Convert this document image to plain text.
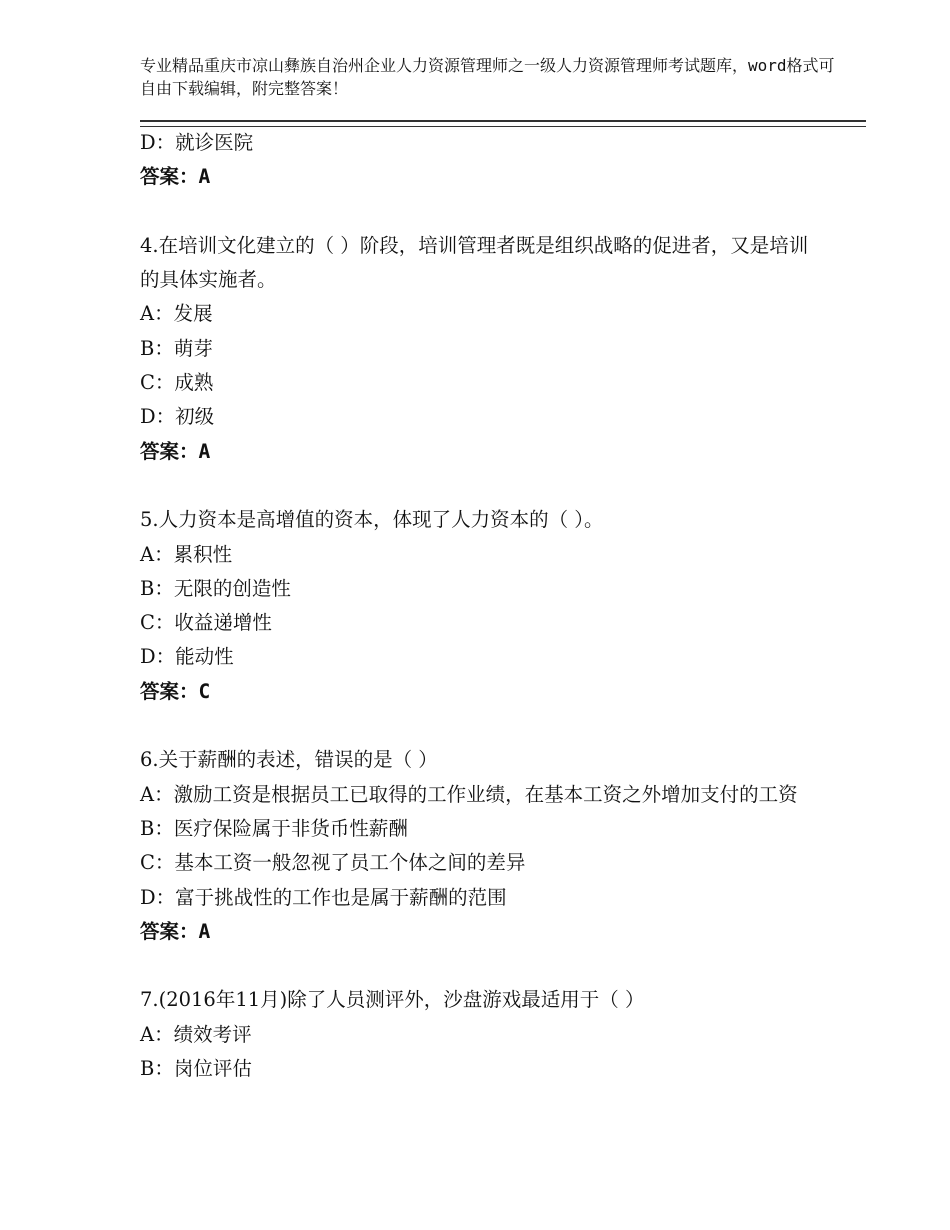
专业精品重庆市凉山彝族自治州企业人力资源管理师之一级人力资源管理师考试题库，word格式可自由下载编辑，附完整答案！
D：就诊医院
答案：A
4.在培训文化建立的（ ）阶段，培训管理者既是组织战略的促进者，又是培训的具体实施者。
A：发展
B：萌芽
C：成熟
D：初级
答案：A
5.人力资本是高增值的资本，体现了人力资本的（ ）。
A：累积性
B：无限的创造性
C：收益递增性
D：能动性
答案：C
6.关于薪酬的表述，错误的是（ ）
A：激励工资是根据员工已取得的工作业绩，在基本工资之外增加支付的工资
B：医疗保险属于非货币性薪酬
C：基本工资一般忽视了员工个体之间的差异
D：富于挑战性的工作也是属于薪酬的范围
答案：A
7.(2016年11月)除了人员测评外，沙盘游戏最适用于（ ）
A：绩效考评
B：岗位评估
